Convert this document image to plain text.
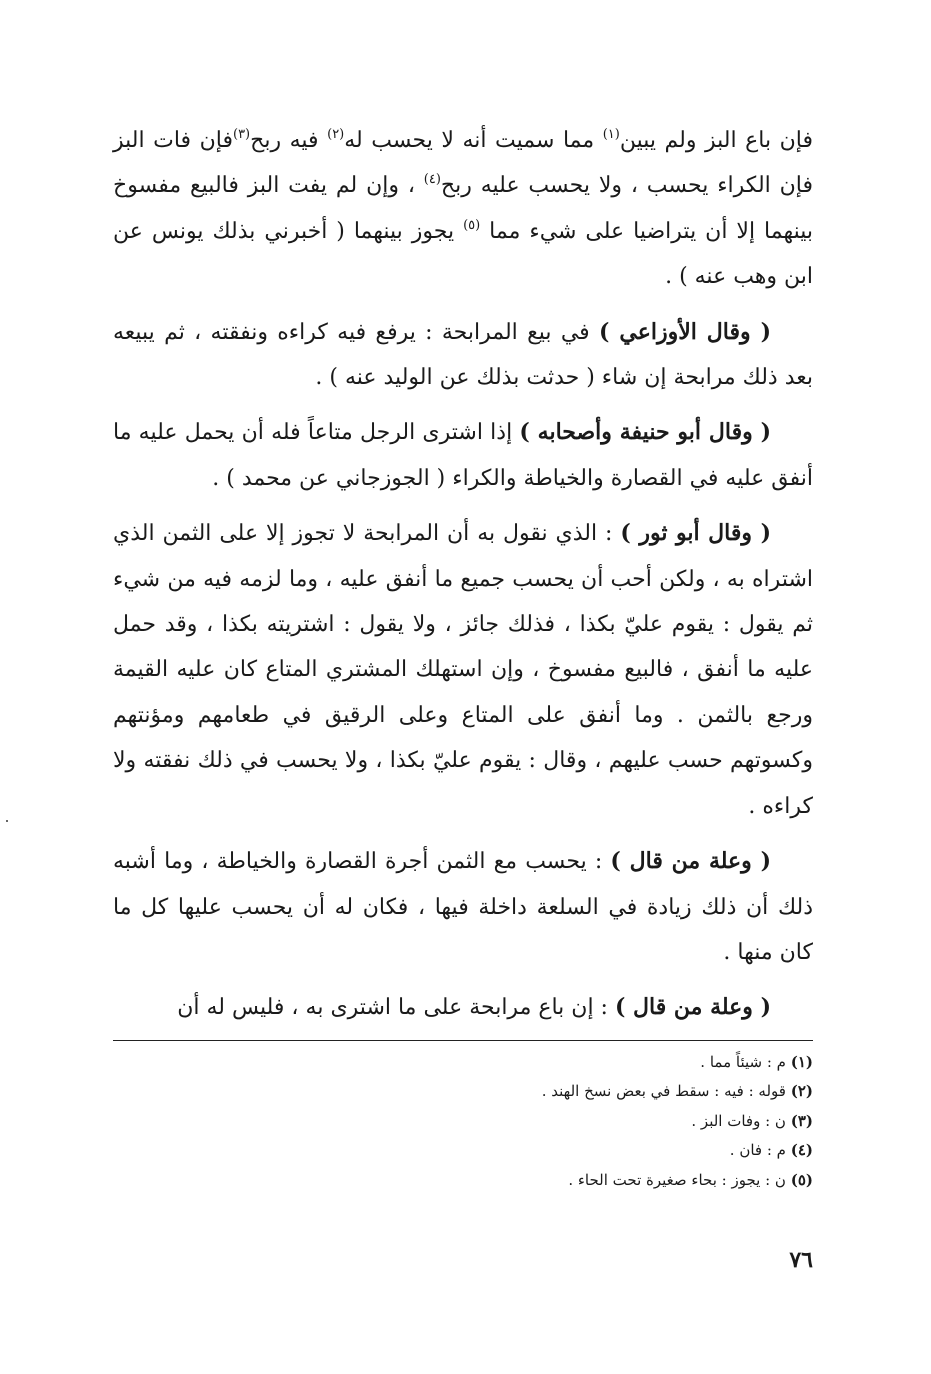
فإن باع البز ولم يبين$^{(١)}$ مما سميت أنه لا يحسب له$^{(٢)}$ فيه ربح$^{(٣)}$فإن فات البز فإن الكراء يحسب ، ولا يحسب عليه ربح$^{(٤)}$ ، وإن لم يفت البز فالبيع مفسوخ بينهما إلا أن يتراضيا على شيء مما $^{(٥)}$ يجوز بينهما ( أخبرني بذلك يونس عن ابن وهب عنه ) .

( وقال الأوزاعي ) في بيع المرابحة : يرفع فيه كراءه ونفقته ، ثم يبيعه بعد ذلك مرابحة إن شاء ( حدثت بذلك عن الوليد عنه ) .

( وقال أبو حنيفة وأصحابه ) إذا اشترى الرجل متاعاً فله أن يحمل عليه ما أنفق عليه في القصارة والخياطة والكراء ( الجوزجاني عن محمد ) .

( وقال أبو ثور ) : الذي نقول به أن المرابحة لا تجوز إلا على الثمن الذي اشتراه به ، ولكن أحب أن يحسب جميع ما أنفق عليه ، وما لزمه فيه من شيء ثم يقول : يقوم عليّ بكذا ، فذلك جائز ، ولا يقول : اشتريته بكذا ، وقد حمل عليه ما أنفق ، فالبيع مفسوخ ، وإن استهلك المشتري المتاع كان عليه القيمة ورجع بالثمن . وما أنفق على المتاع وعلى الرقيق في طعامهم ومؤنتهم وكسوتهم حسب عليهم ، وقال : يقوم عليّ بكذا ، ولا يحسب في ذلك نفقته ولا كراءه .

( وعلة من قال ) : يحسب مع الثمن أجرة القصارة والخياطة ، وما أشبه ذلك أن ذلك زيادة في السلعة داخلة فيها ، فكان له أن يحسب عليها كل ما كان منها .

( وعلة من قال ) : إن باع مرابحة على ما اشترى به ، فليس له أن

(١) م : شيئاً مما .

(٢) قوله : فيه : سقط في بعض نسخ الهند .

(٣) ن : وفات البز .

(٤) م : فان .

(٥) ن : يجوز : بحاء صغيرة تحت الحاء .

٧٦
